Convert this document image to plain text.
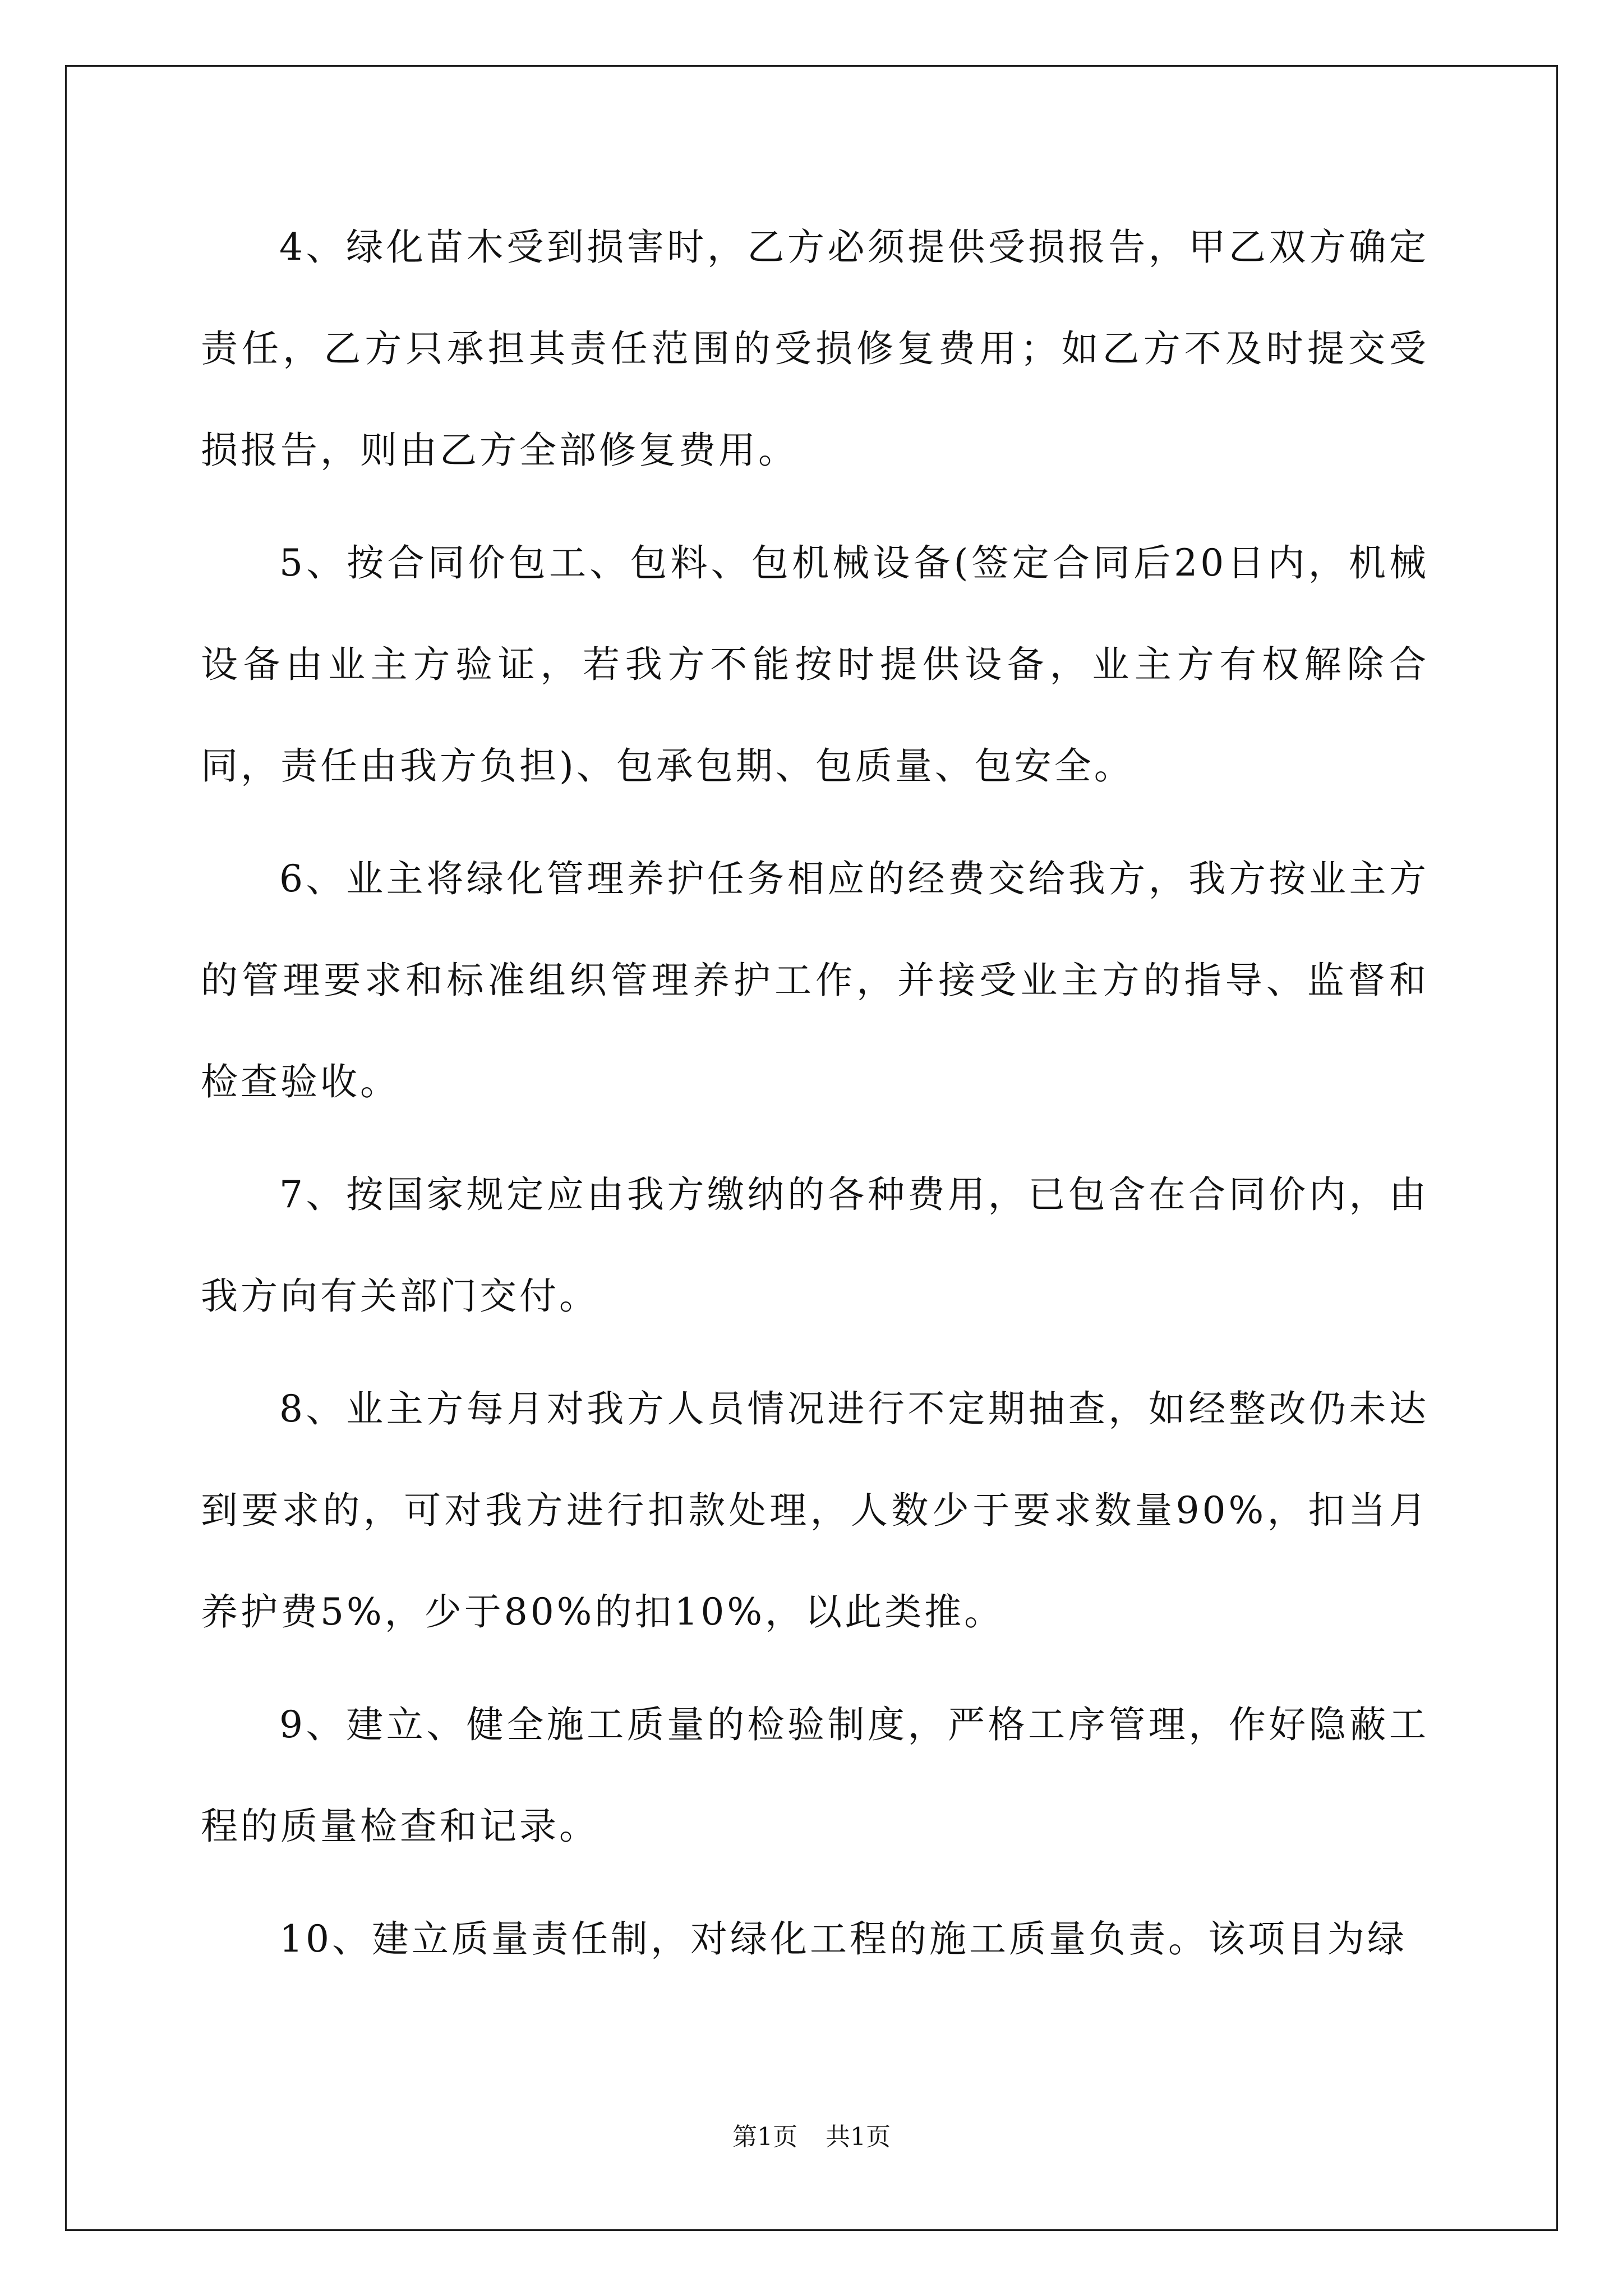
4、绿化苗木受到损害时，乙方必须提供受损报告，甲乙双方确定责任，乙方只承担其责任范围的受损修复费用；如乙方不及时提交受损报告，则由乙方全部修复费用。

5、按合同价包工、包料、包机械设备(签定合同后20日内，机械设备由业主方验证，若我方不能按时提供设备，业主方有权解除合同，责任由我方负担)、包承包期、包质量、包安全。

6、业主将绿化管理养护任务相应的经费交给我方，我方按业主方的管理要求和标准组织管理养护工作，并接受业主方的指导、监督和检查验收。

7、按国家规定应由我方缴纳的各种费用，已包含在合同价内，由我方向有关部门交付。

8、业主方每月对我方人员情况进行不定期抽查，如经整改仍未达到要求的，可对我方进行扣款处理，人数少于要求数量90%，扣当月养护费5%，少于80%的扣10%，以此类推。

9、建立、健全施工质量的检验制度，严格工序管理，作好隐蔽工程的质量检查和记录。

10、建立质量责任制，对绿化工程的施工质量负责。该项目为绿

第1页 共1页
